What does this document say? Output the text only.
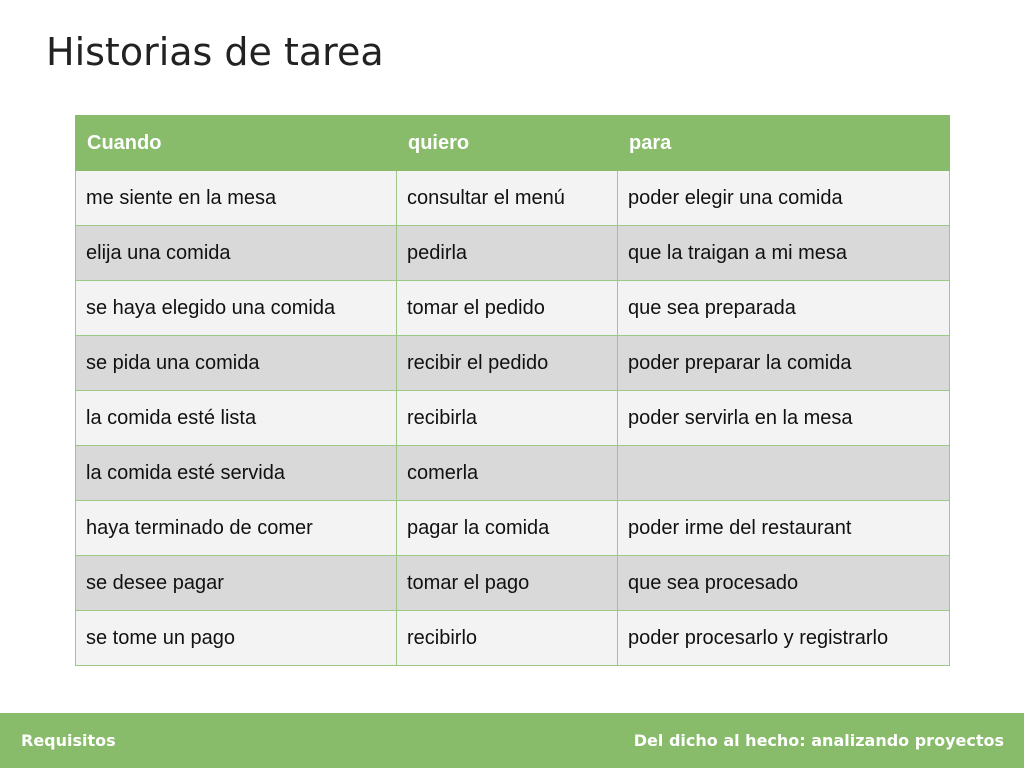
Historias de tarea
Cuando	quiero	para
me siente en la mesa	consultar el menú	poder elegir una comida
elija una comida	pedirla	que la traigan a mi mesa
se haya elegido una comida	tomar el pedido	que sea preparada
se pida una comida	recibir el pedido	poder preparar la comida
la comida esté lista	recibirla	poder servirla en la mesa
la comida esté servida	comerla	
haya terminado de comer	pagar la comida	poder irme del restaurant
se desee pagar	tomar el pago	que sea procesado
se tome un pago	recibirlo	poder procesarlo y registrarlo
Requisitos	Del dicho al hecho: analizando proyectos
